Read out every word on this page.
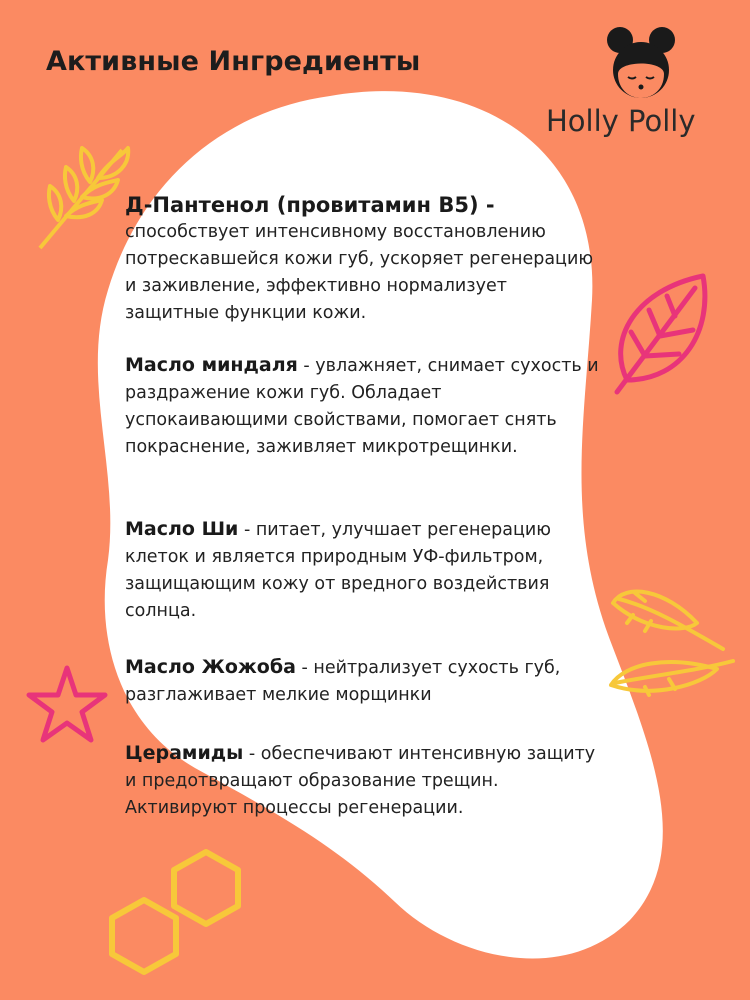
Активные Ингредиенты
Holly Polly
Д-Пантенол (провитамин В5) -
способствует интенсивному восстановлению потрескавшейся кожи губ, ускоряет регенерацию и заживление, эффективно нормализует защитные функции кожи.
Масло миндаля - увлажняет, снимает сухость и раздражение кожи губ. Обладает успокаивающими свойствами, помогает снять покраснение, заживляет микротрещинки.
Масло Ши - питает, улучшает регенерацию клеток и является природным УФ-фильтром, защищающим кожу от вредного воздействия солнца.
Масло Жожоба - нейтрализует сухость губ, разглаживает мелкие морщинки
Церамиды - обеспечивают интенсивную защиту и предотвращают образование трещин. Активируют процессы регенерации.
